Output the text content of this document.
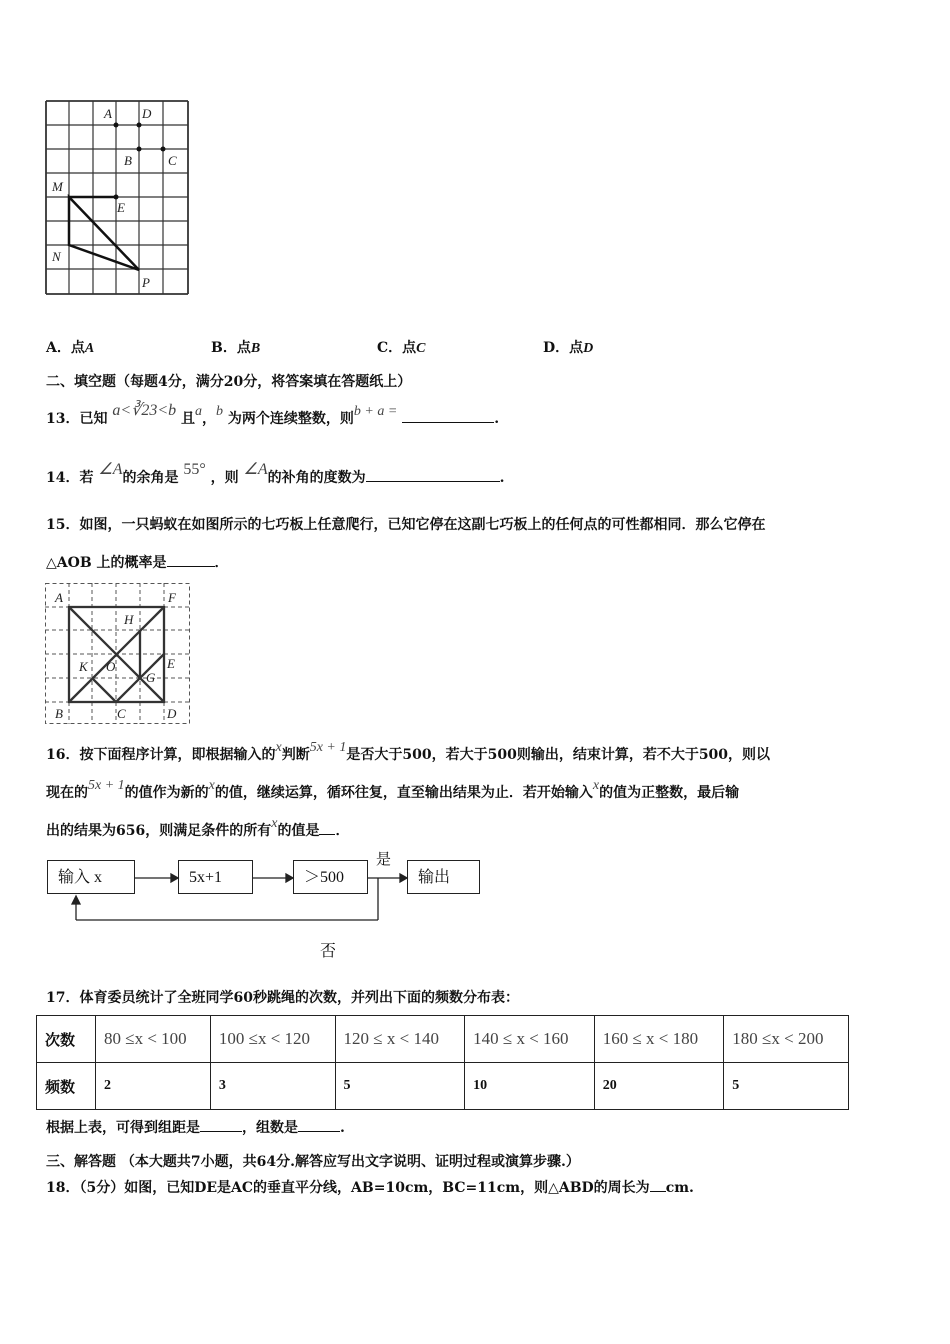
A D
B	C
M
E
N
P
A．点A	B．点B	C．点C	D．点D
二、填空题（每题4分，满分20分，将答案填在答题纸上）
13．已知 a<∛23<b 且a，b 为两个连续整数，则b + a =	.
14．若 ∠A的余角是 55° ，则 ∠A的补角的度数为	.
15．如图，一只蚂蚁在如图所示的七巧板上任意爬行，已知它停在这副七巧板上的任何点的可性都相同．那么它停在
△AOB 上的概率是	．
A	F
H
K O	E
G
B	C	D
16．按下面程序计算，即根据输入的x判断5x + 1是否大于500，若大于500则输出，结束计算，若不大于500，则以
现在的5x + 1的值作为新的x的值，继续运算，循环往复，直至输出结果为止．若开始输入x的值为正整数，最后输
出的结果为656，则满足条件的所有x的值是 ．
输入 x	5x+1	＞500	输出
是
否
17．体育委员统计了全班同学60秒跳绳的次数，并列出下面的频数分布表：
次数	80 ≤x < 100	100 ≤x < 120	120 ≤ x < 140	140 ≤ x < 160	160 ≤ x < 180	180 ≤x < 200
频数	2	3	5	10	20	5
根据上表，可得到组距是	，组数是	.
三、解答题 （本大题共7小题，共64分.解答应写出文字说明、证明过程或演算步骤.）
18．（5分）如图，已知DE是AC的垂直平分线，AB=10cm，BC=11cm，则△ABD的周长为 cm.
